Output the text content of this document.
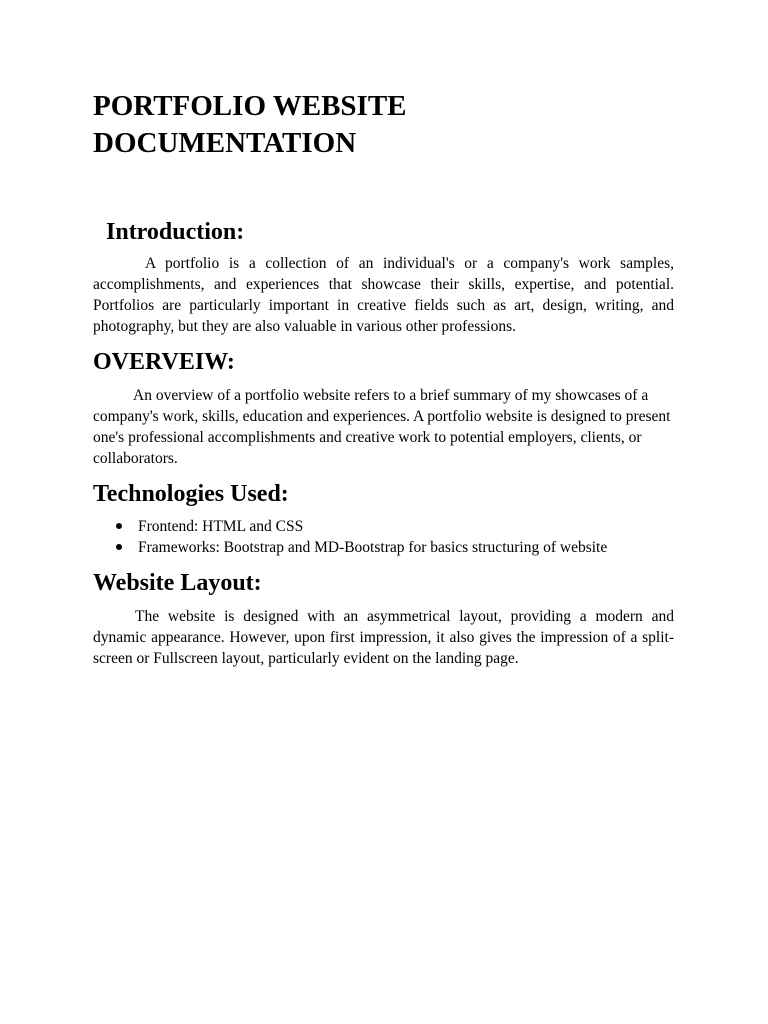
PORTFOLIO WEBSITE
DOCUMENTATION
Introduction:

A portfolio is a collection of an individual's or a company's work samples, accomplishments, and experiences that showcase their skills, expertise, and potential. Portfolios are particularly important in creative fields such as art, design, writing, and photography, but they are also valuable in various other professions.

OVERVEIW:

An overview of a portfolio website refers to a brief summary of my showcases of a company's work, skills, education and experiences. A portfolio website is designed to present one's professional accomplishments and creative work to potential employers, clients, or collaborators.

Technologies Used:
Frontend: HTML and CSS
Frameworks: Bootstrap and MD-Bootstrap for basics structuring of website
Website Layout:

The website is designed with an asymmetrical layout, providing a modern and dynamic appearance. However, upon first impression, it also gives the impression of a split-screen or Fullscreen layout, particularly evident on the landing page.
